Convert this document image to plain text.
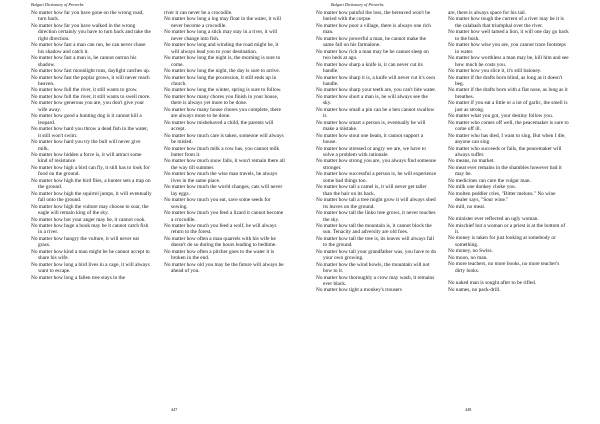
Bulgari Dictionary of Proverbs
No matter how far you have gone on the wrong road, turn back.
No matter how far you have walked in the wrong direction certainly you have to turn back and take the right direction.
No matter how fast a man can run, he can never chase his shadow and catch it.
No matter how fast a man is, he cannot outrun his shadow.
No matter how fast moonlight runs, daylight catches up.
No matter how fast the poplar grows, it will never reach heaven.
No matter how full the river, it still wants to grow.
No matter how full the river, it still wants to swell more.
No matter how generous you are, you don't give your wife away.
No matter how good a hunting dog is it cannot kill a leopard.
No matter how hard you throw a dead fish in the water, it still won't swim.
No matter how hard you try the bull will never give milk.
No matter how hidden a force is, it will attract some kind of resistance
No matter how high a bird can fly, it still has to look for food on the ground.
No matter how high the bird flies, a hunter sets a trap on the ground.
No matter how high the squirrel jumps, it will eventually fall onto the ground.
No matter how high the vulture may choose to soar, the eagle will remain king of the sky.
No matter how hot your anger may be, it cannot cook.
No matter how huge a hook may be it cannot catch fish in a river.
No matter how hungry the vulture, it will never eat grass.
No matter how kind a man might be he cannot accept to share his wife.
No matter how long a bird lives in a cage, it will always want to escape.
No matter how long a fallen tree stays in the
river it can never be a crocodile.
No matter how long a log may float in the water, it will never become a crocodile.
No matter how long a stick may stay in a river, it will never change into fish.
No matter how long and winding the road might be, it will always lead you to your destination.
No matter how long the night is, the morning is sure to come.
No matter how long the night, the day is sure to arrive.
No matter how long the procession, it still ends up in church.
No matter how long the winter, spring is sure to follow.
No matter how many chores you finish in your house, there is always yet more to be done.
No matter how many house chores you complete, there are always more to be done.
No matter how misbehaved a child, the parents will accept.
No matter how much care is taken, someone will always be misled.
No matter how much milk a cow has, you cannot milk butter from it.
No matter how much snow falls, it won't remain there all the way till summer.
No matter how much the wise man travels, he always lives in the same place.
No matter how much the world changes, cats will never lay eggs.
No matter how much you eat, save some seeds for sowing.
No matter how much you feed a lizard it cannot become a crocodile.
No matter how much you feed a wolf, he will always return to the forest.
No matter how often a man quarrels with his wife he doesn't do so during the hours leading to bedtime.
No matter how often a pitcher goes to the water it is broken in the end.
No matter how old you may be the future will always be ahead of you.
447
Bulgari Dictionary of Proverbs
No matter how painful the loss, the bereaved won't be buried with the corpse.
No matter how poor a village, there is always one rich man.
No matter how powerful a man, he cannot make the same fall on his farmalone.
No matter how rich a man may be he cannot sleep on two beds at ago.
No matter how sharp a knife is, it can never cut its handle.
No matter how sharp it is, a knife will never cut it's own handle.
No matter how sharp your teeth are, you can't bite water.
No matter how short a man is, he will always see the sky.
No matter how small a pin can be a hen cannot swallow it.
No matter how smart a person is, eventually he will make a mistake.
No matter how stout one beam, it cannot support a house.
No matter how stressed or angry we are, we have to solve a problem with rationale.
No matter how strong you are, you always find someone stronger.
No matter how successful a person is, he will experience some bad things too.
No matter how tall a camel is, it will never get taller than the hair on its back.
No matter how tall a tree might grow it will always shed its leaves on the ground.
No matter how tall the linko tree grows, it never touches the sky.
No matter how tall the mountain is, it cannot block the sun. Tenacity and adversity are old foes.
No matter how tall the tree is, its leaves will always fall to the ground.
No matter how tall your grandfather was, you have to do your own growing.
No matter how the wind howls, the mountain will not bow to it.
No matter how thoroughly a crow may wash, it remains ever black.
No matter how tight a monkey's trousers
are, there is always space for his tail.
No matter how tough the current of a river may be it is the calabash that triumphal over the river.
No matter how well tamed a lion, it will one day go back to the bush.
No matter how wise you are, you cannot trace footsteps in water.
No matter how worthless a man may be, kill him and see how much he costs you.
No matter how you slice it, it's still baloney.
No matter if the drafts born blind, as long as it doesn't beg.
No matter if the drafts born with a flat nose, as long as it breathes.
No matter if you eat a little or a lot of garlic, the smell is just as strong.
No matter what you got, your destiny follow you.
No matter who comes off well, the peacemaker is sure to come off ill.
No matter who has died, I want to sing. But when I die, anyone can sing.
No matter who succeeds or fails, the peacemaker will always suffer.
No means, no market.
No meat ever remains in the shambles however bad it may be.
No medicines can cure the vulgar man.
No milk one donkey choke you.
No molten peddler cries, "Bitter melons." No wine dealer says, "Sour wine."
No mill, no meal.
No minister ever reflected an ugly woman.
No mischief but a woman or a priest is at the bottom of it.
No money is taken for just looking at somebody or something.
No money, no Swiss.
No moon, no man.
No more teachers, no more books, no more teacher's dirty looks.
No naked man is sought after to be rifled.
No names, no pack-drill.
448
